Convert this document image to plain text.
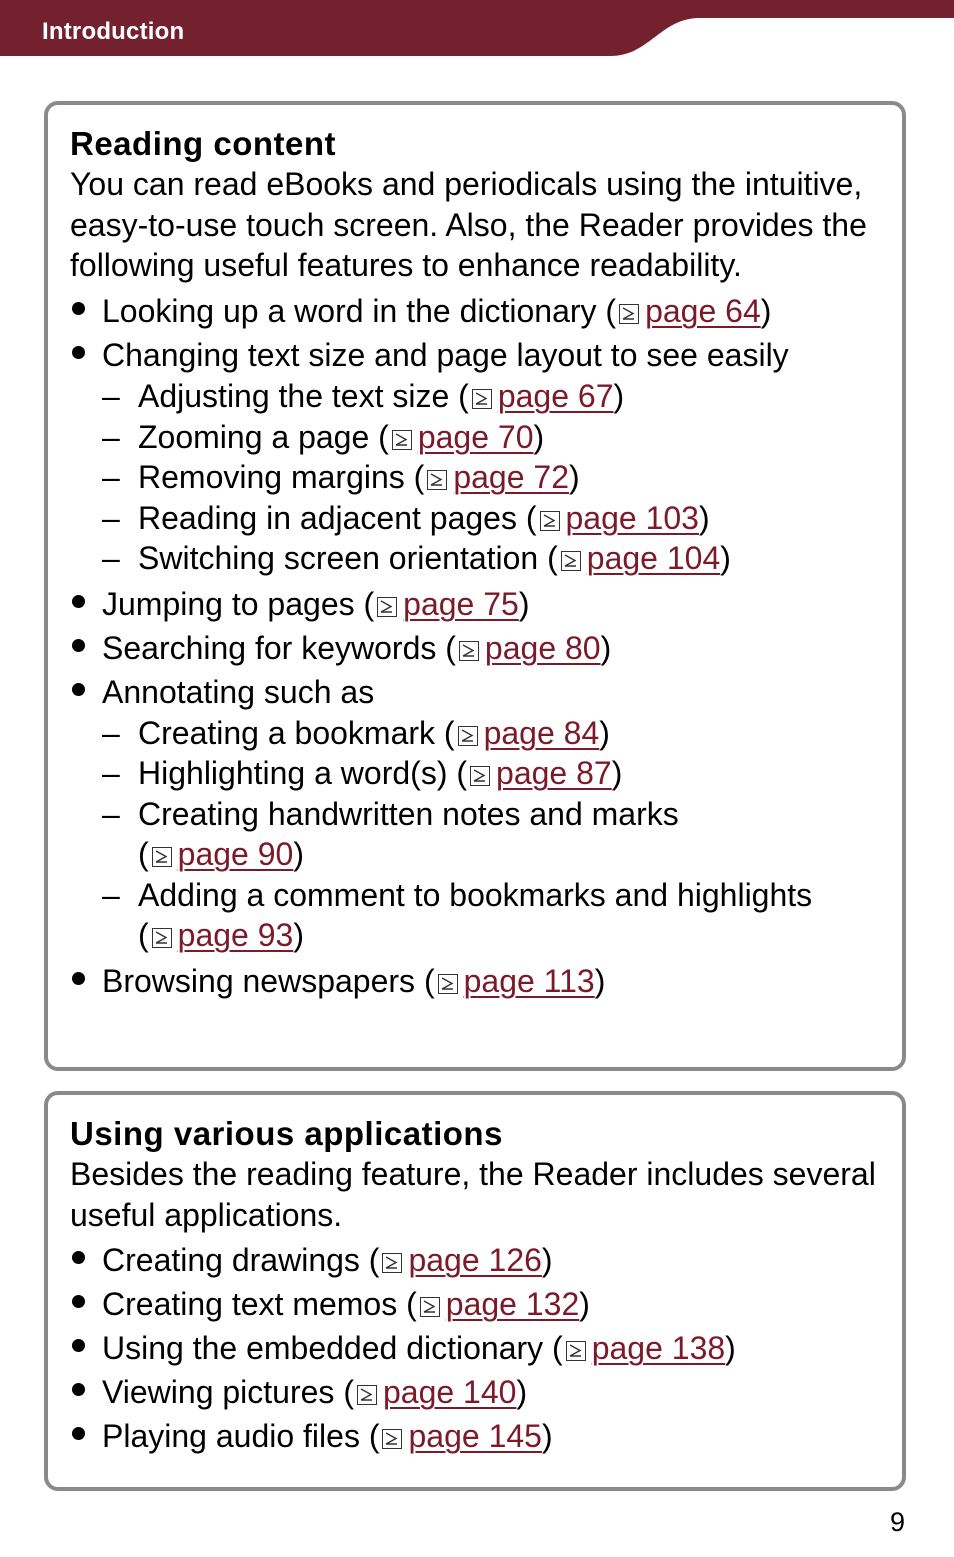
Introduction
Reading content
You can read eBooks and periodicals using the intuitive, easy-to-use touch screen. Also, the Reader provides the following useful features to enhance readability.
Looking up a word in the dictionary ( page 64)
Changing text size and page layout to see easily
– Adjusting the text size ( page 67)
– Zooming a page ( page 70)
– Removing margins ( page 72)
– Reading in adjacent pages ( page 103)
– Switching screen orientation ( page 104)
Jumping to pages ( page 75)
Searching for keywords ( page 80)
Annotating such as
– Creating a bookmark ( page 84)
– Highlighting a word(s) ( page 87)
– Creating handwritten notes and marks
( page 90)
– Adding a comment to bookmarks and highlights
( page 93)
Browsing newspapers ( page 113)
Using various applications
Besides the reading feature, the Reader includes several useful applications.
Creating drawings ( page 126)
Creating text memos ( page 132)
Using the embedded dictionary ( page 138)
Viewing pictures ( page 140)
Playing audio files ( page 145)
9
